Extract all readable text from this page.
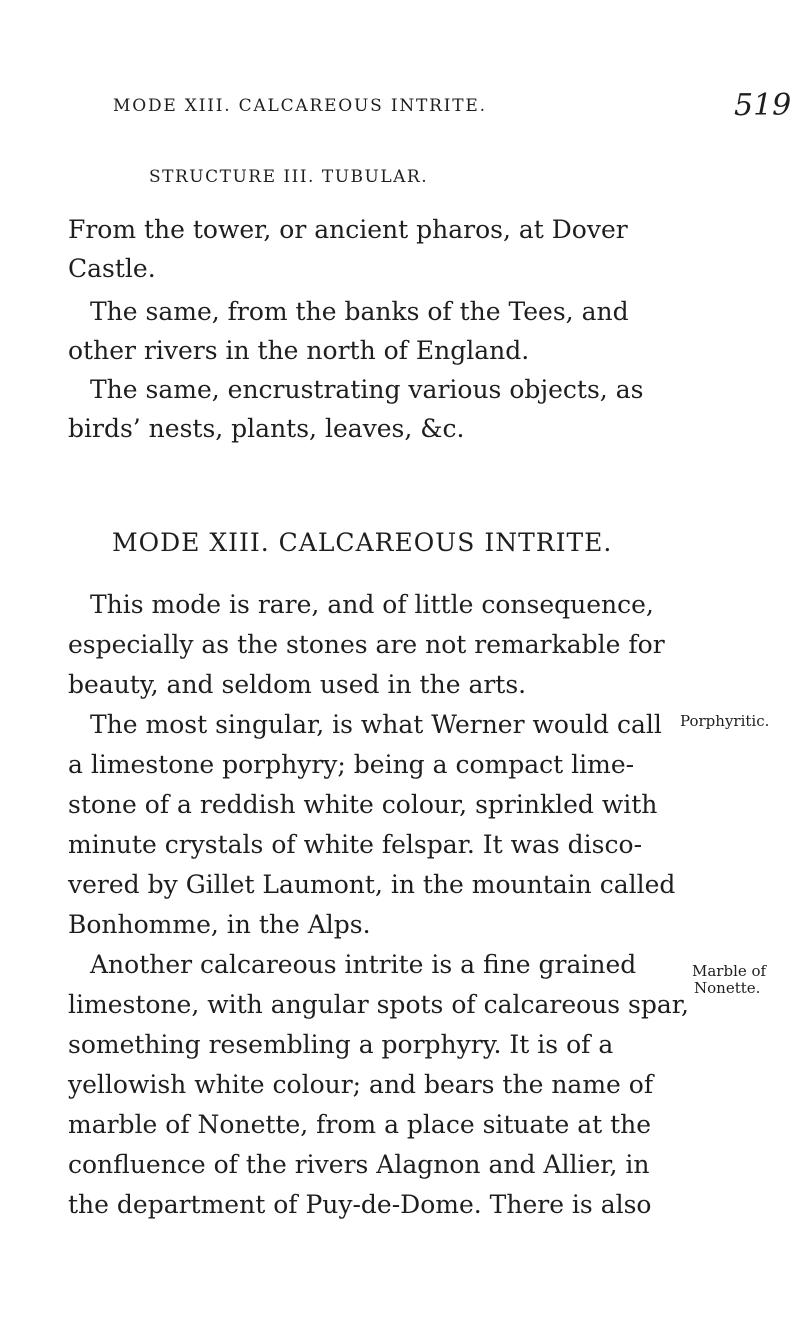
MODE XIII. CALCAREOUS INTRITE.	519
STRUCTURE III. TUBULAR.
From the tower, or ancient pharos, at Dover
Castle.
The same, from the banks of the Tees, and
other rivers in the north of England.
The same, encrustrating various objects, as
birds’ nests, plants, leaves, &c.
MODE XIII. CALCAREOUS INTRITE.
This mode is rare, and of little consequence,
especially as the stones are not remarkable for
beauty, and seldom used in the arts.
The most singular, is what Werner would call
a limestone porphyry; being a compact lime-
stone of a reddish white colour, sprinkled with
minute crystals of white felspar. It was disco-
vered by Gillet Laumont, in the mountain called
Bonhomme, in the Alps.
Another calcareous intrite is a fine grained
limestone, with angular spots of calcareous spar,
something resembling a porphyry. It is of a
yellowish white colour; and bears the name of
marble of Nonette, from a place situate at the
confluence of the rivers Alagnon and Allier, in
the department of Puy-de-Dome. There is also
Porphyritic.
Marble of
Nonette.
